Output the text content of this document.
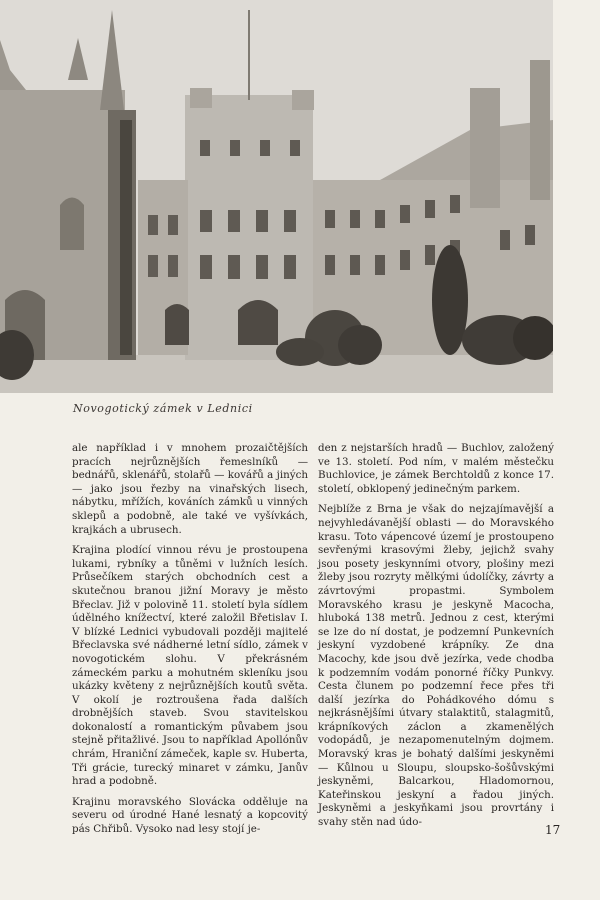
Novogotický zámek v Lednici

ale například i v mnohem prozaičtějších pracích nejrůznějších řemeslníků — bednářů, sklenářů, stolařů — kovářů a jiných — jako jsou řezby na vinařských lisech, nábytku, mřížích, kováních zámků u vinných sklepů a podobně, ale také ve vyšívkách, krajkách a ubrusech.

Krajina plodící vinnou révu je prostoupena lukami, rybníky a tůněmi v lužních lesích. Průsečíkem starých obchodních cest a skutečnou branou jižní Moravy je město Břeclav. Již v polovině 11. století byla sídlem údělného knížectví, které založil Břetislav I. V blízké Lednici vybudovali později majitelé Břeclavska své nádherné letní sídlo, zámek v novogotickém slohu. V překrásném zámeckém parku a mohutném skleníku jsou ukázky květeny z nejrůznějších koutů světa. V okolí je roztroušena řada dalších drobnějších staveb. Svou stavitelskou dokonalostí a romantickým půvabem jsou stejně přitažlivé. Jsou to například Apollónův chrám, Hraniční zámeček, kaple sv. Huberta, Tři grácie, turecký minaret v zámku, Janův hrad a podobně.

Krajinu moravského Slovácka odděluje na severu od úrodné Hané lesnatý a kopcovitý pás Chřibů. Vysoko nad lesy stojí je-

den z nejstarších hradů — Buchlov, založený ve 13. století. Pod ním, v malém městečku Buchlovice, je zámek Berchtoldů z konce 17. století, obklopený jedinečným parkem.

Nejblíže z Brna je však do nejzajímavější a nejvyhledávanější oblasti — do Moravského krasu. Toto vápencové území je prostoupeno sevřenými krasovými žleby, jejichž svahy jsou posety jeskynními otvory, plošiny mezi žleby jsou rozryty mělkými údolíčky, závrty a závrtovými propastmi. Symbolem Moravského krasu je jeskyně Macocha, hluboká 138 metrů. Jednou z cest, kterými se lze do ní dostat, je podzemní Punkevních jeskyní vyzdobené krápníky. Ze dna Macochy, kde jsou dvě jezírka, vede chodba k podzemním vodám ponorné říčky Punkvy. Cesta člunem po podzemní řece přes tři další jezírka do Pohádkového dómu s nejkrásnějšími útvary stalaktitů, stalagmitů, krápníkových záclon a zkamenělých vodopádů, je nezapomenutelným dojmem. Moravský kras je bohatý dalšími jeskyněmi — Kůlnou u Sloupu, sloupsko-šošůvskými jeskyněmi, Balcarkou, Hladomornou, Kateřinskou jeskyní a řadou jiných. Jeskyněmi a jeskyňkami jsou provrtány i svahy stěn nad údo-

17
